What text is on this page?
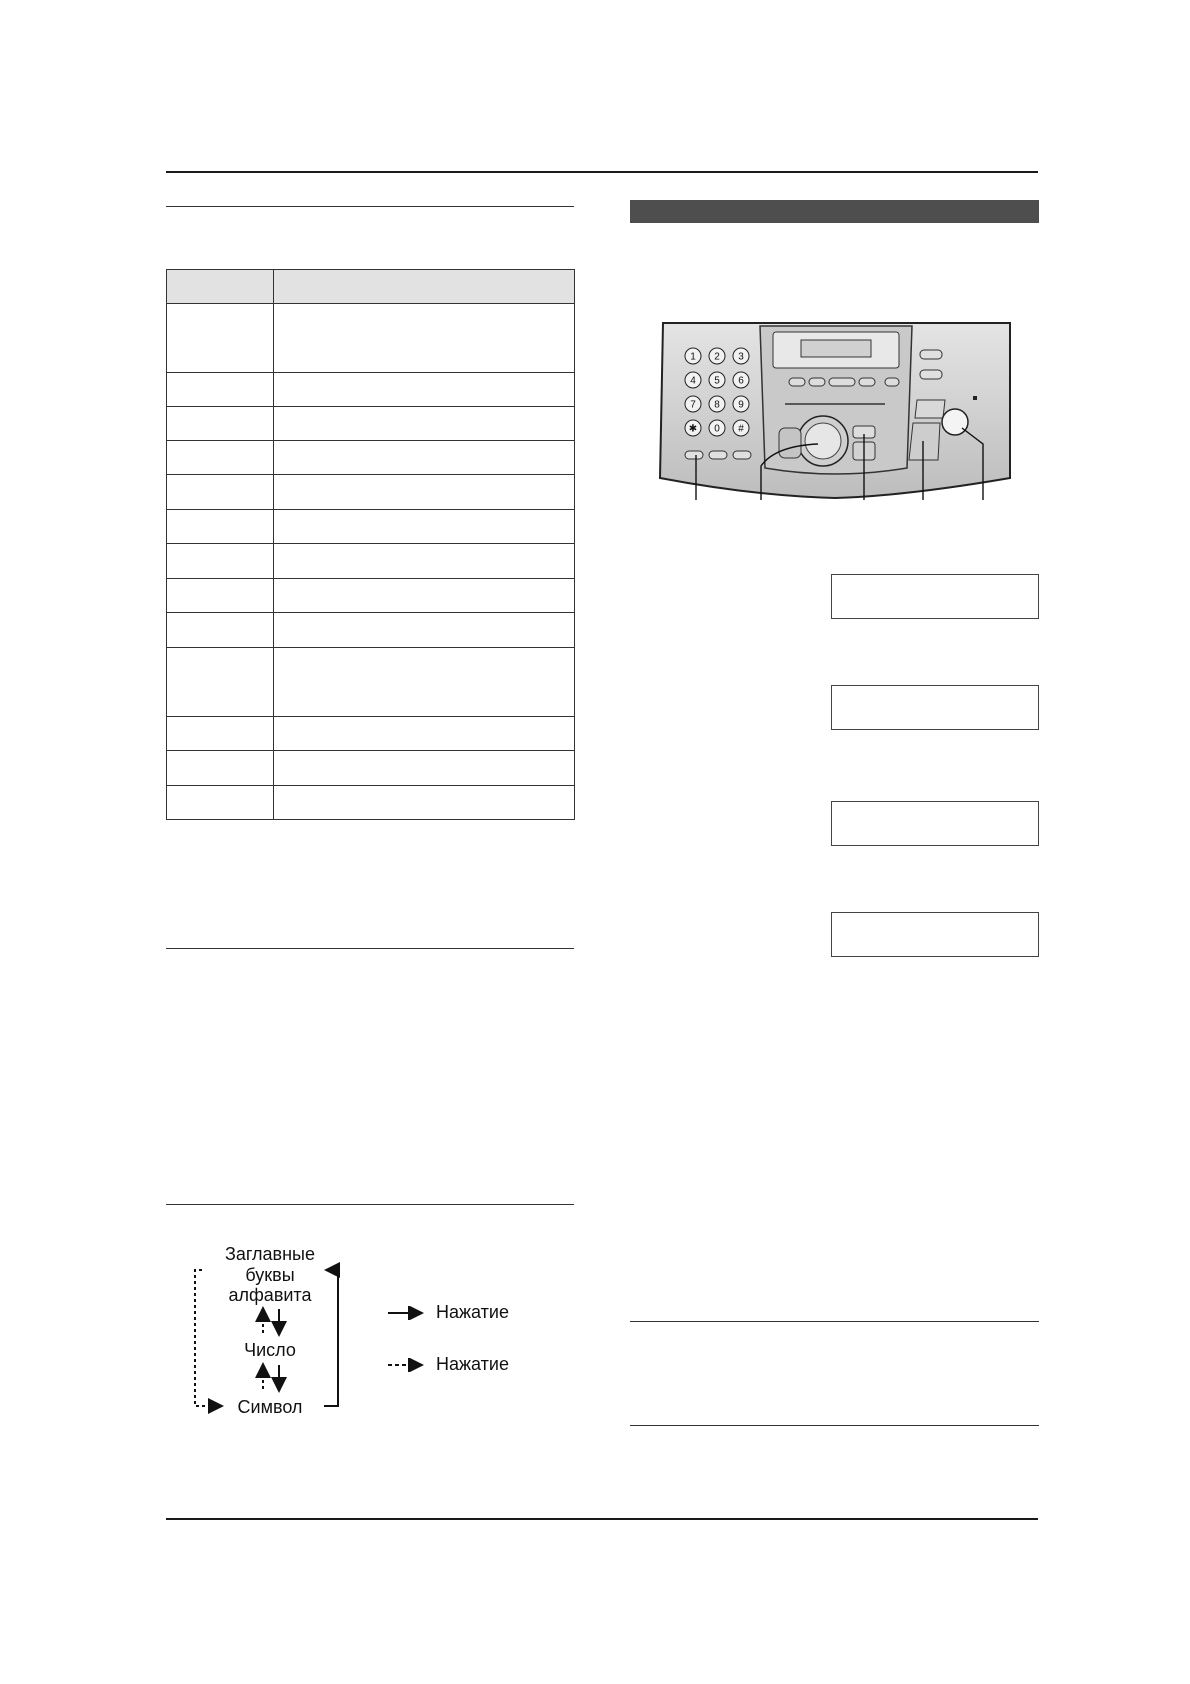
1 2 3
4 5 6
7 8 9
✱ 0 #
Заглавные
буквы
алфавита
Число
Символ
Нажатие
Нажатие
